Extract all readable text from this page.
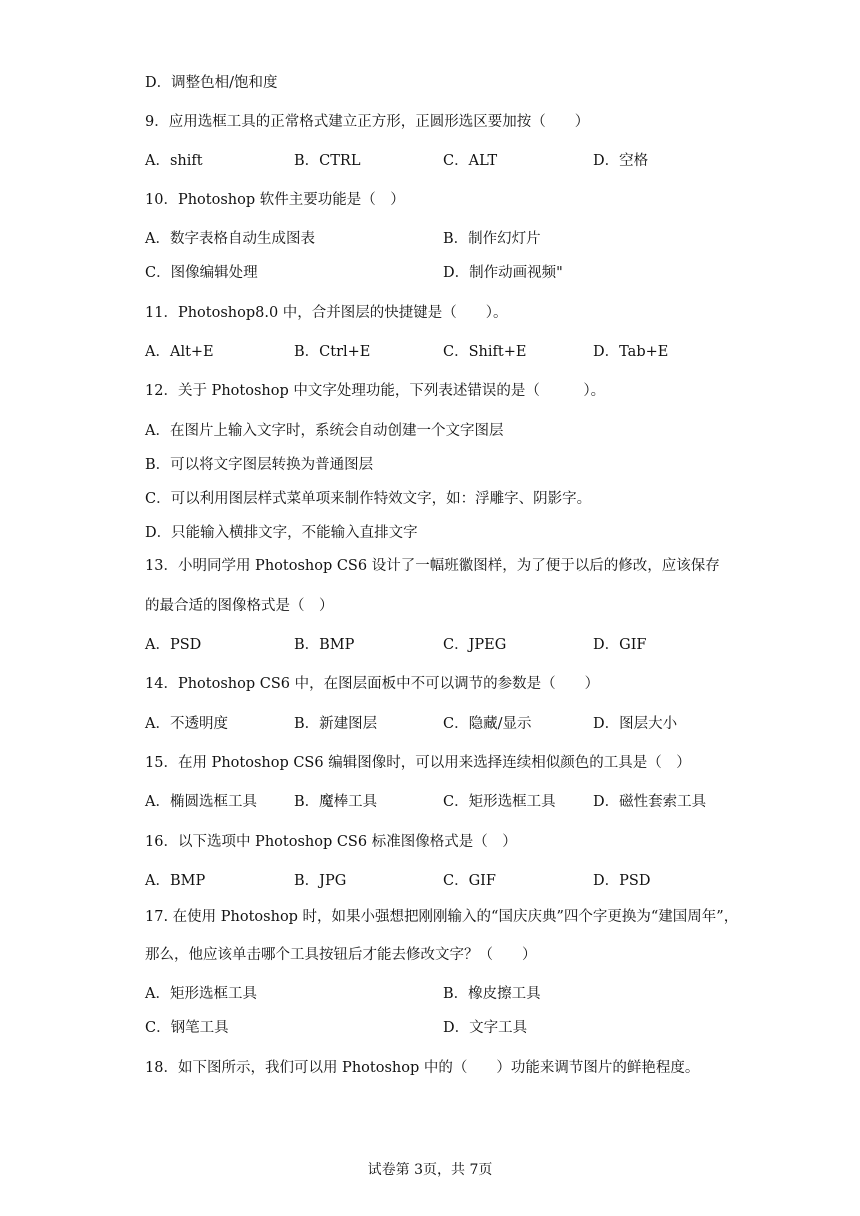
D．调整色相/饱和度
9．应用选框工具的正常格式建立正方形，正圆形选区要加按（　　）
A．shift	B．CTRL	C．ALT	D．空格
10．Photoshop 软件主要功能是（　）
A．数字表格自动生成图表	B．制作幻灯片
C．图像编辑处理	D．制作动画视频"
11．Photoshop8.0 中，合并图层的快捷键是（　　）。
A．Alt+E	B．Ctrl+E	C．Shift+E	D．Tab+E
12．关于 Photoshop 中文字处理功能，下列表述错误的是（　　　）。
A．在图片上输入文字时，系统会自动创建一个文字图层
B．可以将文字图层转换为普通图层
C．可以利用图层样式菜单项来制作特效文字，如：浮雕字、阴影字。
D．只能输入横排文字，不能输入直排文字
13．小明同学用 Photoshop CS6 设计了一幅班徽图样，为了便于以后的修改，应该保存
的最合适的图像格式是（　）
A．PSD	B．BMP	C．JPEG	D．GIF
14．Photoshop CS6 中，在图层面板中不可以调节的参数是（　　）
A．不透明度	B．新建图层	C．隐藏/显示	D．图层大小
15．在用 Photoshop CS6 编辑图像时，可以用来选择连续相似颜色的工具是（　）
A．椭圆选框工具	B．魔棒工具	C．矩形选框工具	D．磁性套索工具
16．以下选项中 Photoshop CS6 标准图像格式是（　）
A．BMP	B．JPG	C．GIF	D．PSD
17. 在使用 Photoshop 时，如果小强想把刚刚输入的“国庆庆典”四个字更换为“建国周年”，
那么，他应该单击哪个工具按钮后才能去修改文字？（　　）
A．矩形选框工具	B．橡皮擦工具
C．钢笔工具	D．文字工具
18．如下图所示，我们可以用 Photoshop 中的（　　）功能来调节图片的鲜艳程度。
试卷第 3页，共 7页
